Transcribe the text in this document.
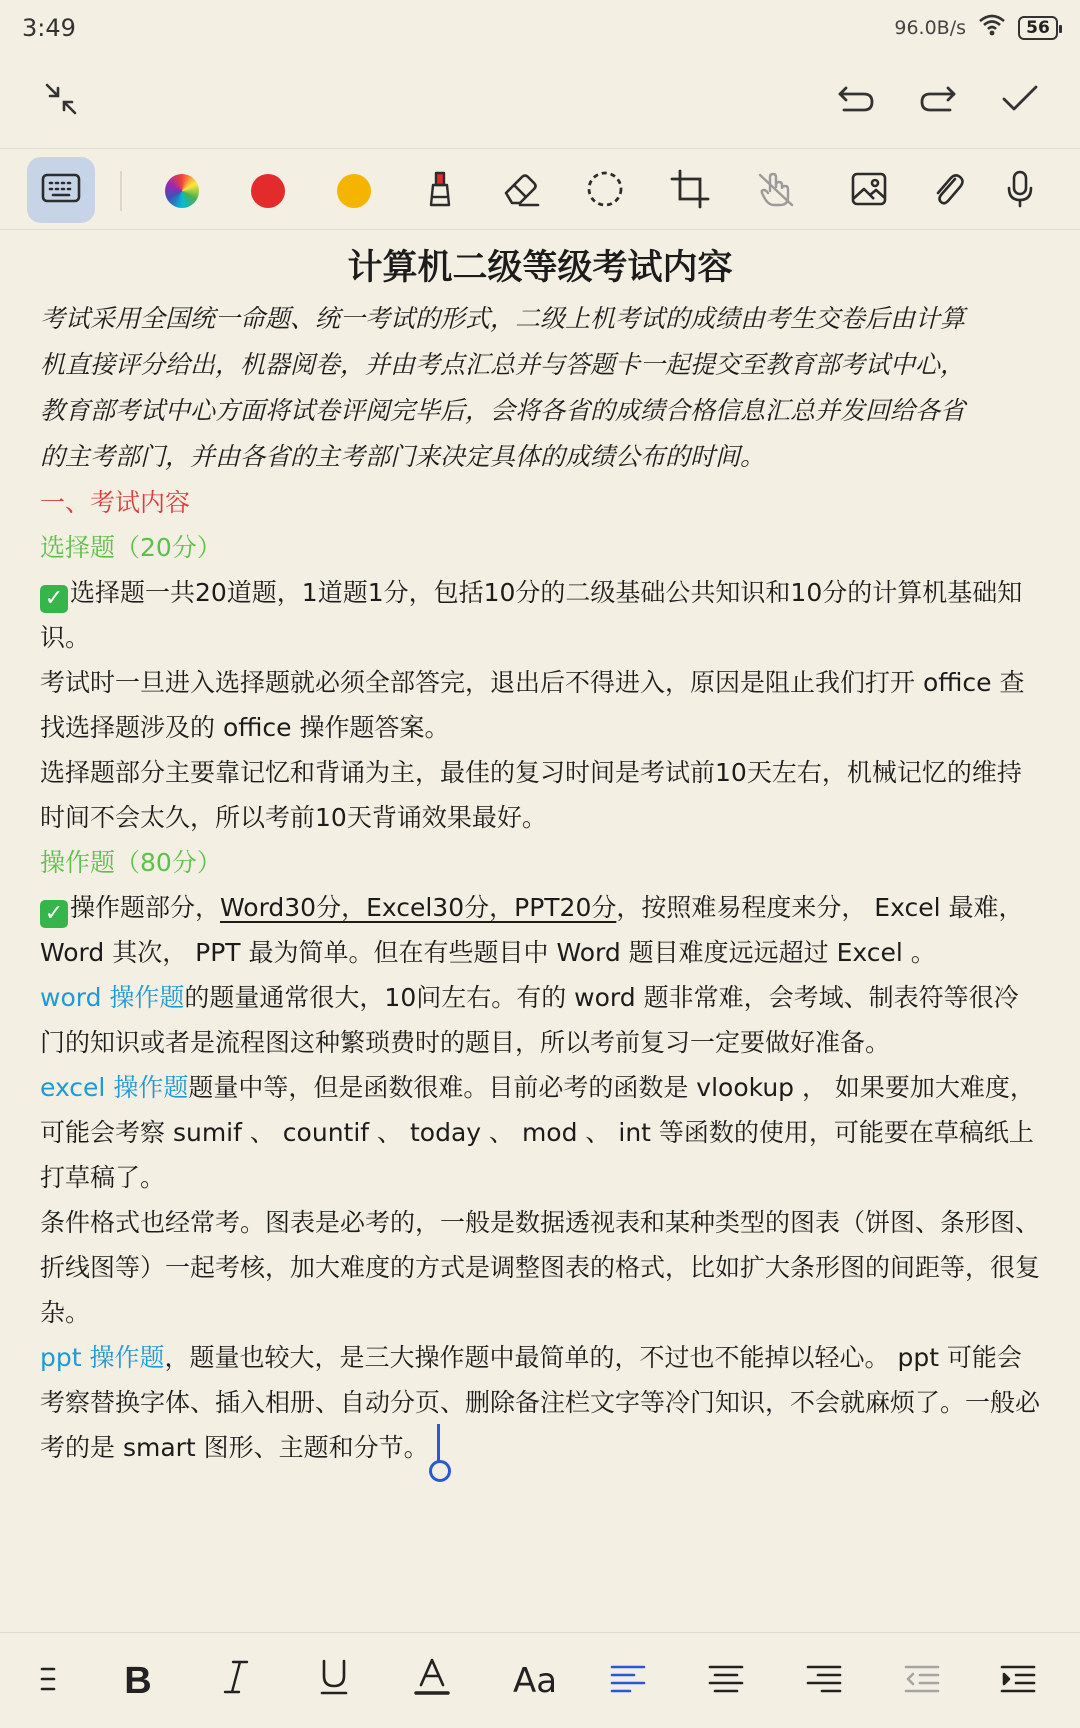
3:49	96.0B/s	56
计算机二级等级考试内容
考试采用全国统一命题、统一考试的形式，二级上机考试的成绩由考生交卷后由计算
机直接评分给出，机器阅卷，并由考点汇总并与答题卡一起提交至教育部考试中心，
教育部考试中心方面将试卷评阅完毕后，会将各省的成绩合格信息汇总并发回给各省
的主考部门，并由各省的主考部门来决定具体的成绩公布的时间。
一、考试内容
选择题（20分）
✓ 选择题一共20道题，1道题1分，包括10分的二级基础公共知识和10分的计算机基础知识。
考试时一旦进入选择题就必须全部答完，退出后不得进入，原因是阻止我们打开 office 查找选择题涉及的 office 操作题答案。
选择题部分主要靠记忆和背诵为主，最佳的复习时间是考试前10天左右，机械记忆的维持时间不会太久，所以考前10天背诵效果最好。
操作题（80分）
✓ 操作题部分，Word30分，Excel30分，PPT20分，按照难易程度来分， Excel 最难， Word 其次， PPT 最为简单。但在有些题目中 Word 题目难度远远超过 Excel 。
word 操作题的题量通常很大，10问左右。有的 word 题非常难，会考域、制表符等很冷门的知识或者是流程图这种繁琐费时的题目，所以考前复习一定要做好准备。
excel 操作题题量中等，但是函数很难。目前必考的函数是 vlookup ， 如果要加大难度，可能会考察 sumif 、 countif 、 today 、 mod 、 int 等函数的使用，可能要在草稿纸上打草稿了。
条件格式也经常考。图表是必考的，一般是数据透视表和某种类型的图表（饼图、条形图、折线图等）一起考核，加大难度的方式是调整图表的格式，比如扩大条形图的间距等，很复杂。
ppt 操作题，题量也较大，是三大操作题中最简单的，不过也不能掉以轻心。 ppt 可能会考察替换字体、插入相册、自动分页、删除备注栏文字等冷门知识，不会就麻烦了。一般必考的是 smart 图形、主题和分节。
B	Aa
